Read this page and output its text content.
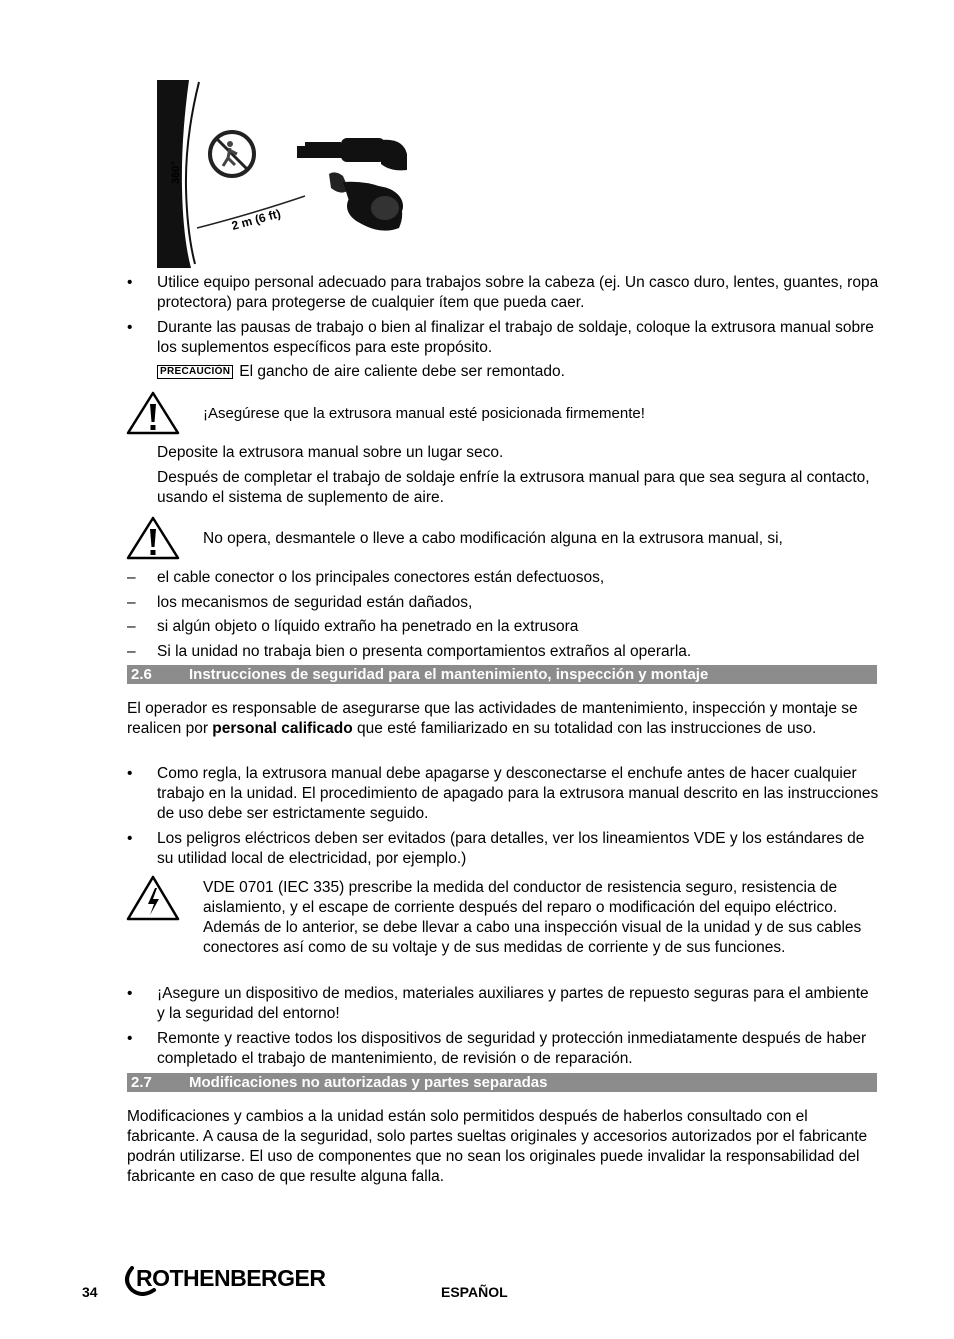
360°
2 m (6 ft)
•	Utilice equipo personal adecuado para trabajos sobre la cabeza (ej. Un casco duro, lentes, guantes, ropa protectora) para protegerse de cualquier ítem que pueda caer.
•	Durante las pausas de trabajo o bien al finalizar el trabajo de soldaje, coloque la extrusora manual sobre los suplementos específicos para este propósito.
PRECAUCIÓN El gancho de aire caliente debe ser remontado.
¡Asegúrese que la extrusora manual esté posicionada firmemente!
Deposite la extrusora manual sobre un lugar seco.
Después de completar el trabajo de soldaje enfríe la extrusora manual para que sea segura al contacto, usando el sistema de suplemento de aire.
No opera, desmantele o lleve a cabo modificación alguna en la extrusora manual, si,
–	el cable conector o los principales conectores están defectuosos,
–	los mecanismos de seguridad están dañados,
–	si algún objeto o líquido extraño ha penetrado en la extrusora
–	Si la unidad no trabaja bien o presenta comportamientos extraños al operarla.
2.6 Instrucciones de seguridad para el mantenimiento, inspección y montaje
El operador es responsable de asegurarse que las actividades de mantenimiento, inspección y montaje se realicen por personal calificado que esté familiarizado en su totalidad con las instrucciones de uso.
•	Como regla, la extrusora manual debe apagarse y desconectarse el enchufe antes de hacer cualquier trabajo en la unidad. El procedimiento de apagado para la extrusora manual descrito en las instrucciones de uso debe ser estrictamente seguido.
•	Los peligros eléctricos deben ser evitados (para detalles, ver los lineamientos VDE y los estándares de su utilidad local de electricidad, por ejemplo.)
VDE 0701 (IEC 335) prescribe la medida del conductor de resistencia seguro, resistencia de aislamiento, y el escape de corriente después del reparo o modificación del equipo eléctrico. Además de lo anterior, se debe llevar a cabo una inspección visual de la unidad y de sus cables conectores así como de su voltaje y de sus medidas de corriente y de sus funciones.
•	¡Asegure un dispositivo de medios, materiales auxiliares y partes de repuesto seguras para el ambiente y la seguridad del entorno!
•	Remonte y reactive todos los dispositivos de seguridad y protección inmediatamente después de haber completado el trabajo de mantenimiento, de revisión o de reparación.
2.7 Modificaciones no autorizadas y partes separadas
Modificaciones y cambios a la unidad están solo permitidos después de haberlos consultado con el fabricante. A causa de la seguridad, solo partes sueltas originales y accesorios autorizados por el fabricante podrán utilizarse. El uso de componentes que no sean los originales puede invalidar la responsabilidad del fabricante en caso de que resulte alguna falla.
34
ROTHENBERGER
ESPAÑOL
